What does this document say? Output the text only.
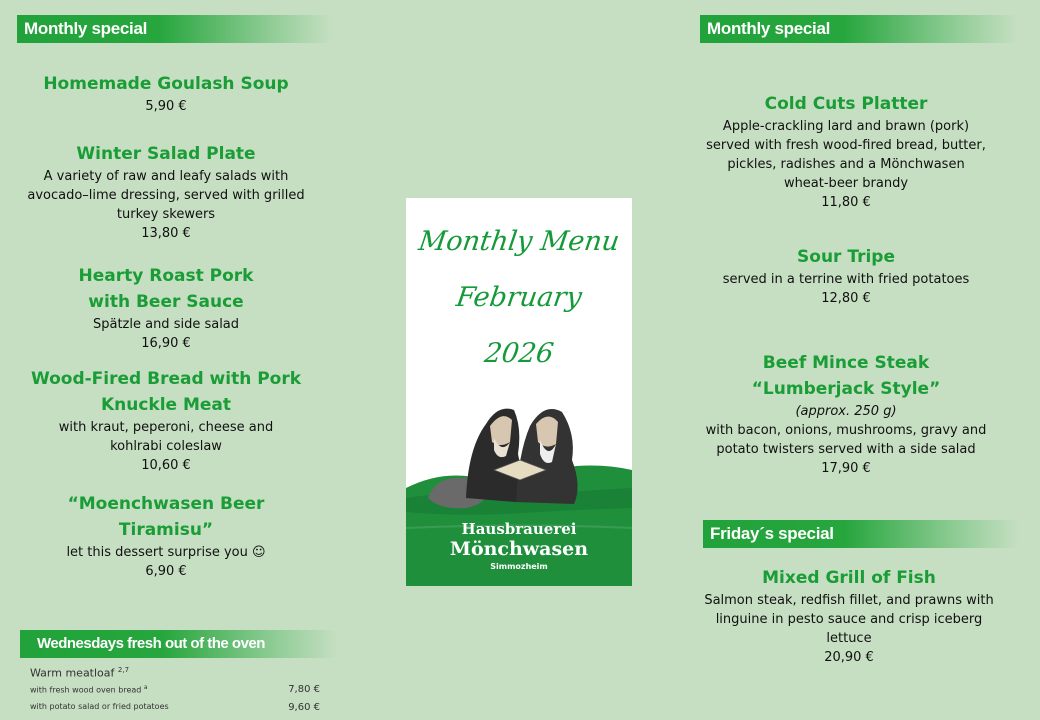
Monthly special
Homemade Goulash Soup

5,90 €

Winter Salad Plate

A variety of raw and leafy salads with avocado–lime dressing, served with grilled turkey skewers

13,80 €

Hearty Roast Pork
with Beer Sauce

Spätzle and side salad

16,90 €

Wood-Fired Bread with Pork
Knuckle Meat

with kraut, peperoni, cheese and kohlrabi coleslaw

10,60 €

“Moenchwasen Beer Tiramisu”

let this dessert surprise you ☺

6,90 €

Wednesdays fresh out of the oven
Warm meatloaf $^{2,7}$
with fresh wood oven bread $^a$	7,80 €
with potato salad or fried potatoes	9,60 €
Monthly Menu
February
2026
Hausbrauerei
Mönchwasen
Simmozheim
Monthly special
Cold Cuts Platter

Apple-crackling lard and brawn (pork) served with fresh wood-fired bread, butter, pickles, radishes and a Mönchwasen

wheat-beer brandy

11,80 €

Sour Tripe

served in a terrine with fried potatoes

12,80 €

Beef Mince Steak
“Lumberjack Style”

(approx. 250 g)

with bacon, onions, mushrooms, gravy and potato twisters served with a side salad

17,90 €

Friday´s special
Mixed Grill of Fish

Salmon steak, redfish fillet, and prawns with linguine in pesto sauce and crisp iceberg lettuce

20,90 €
